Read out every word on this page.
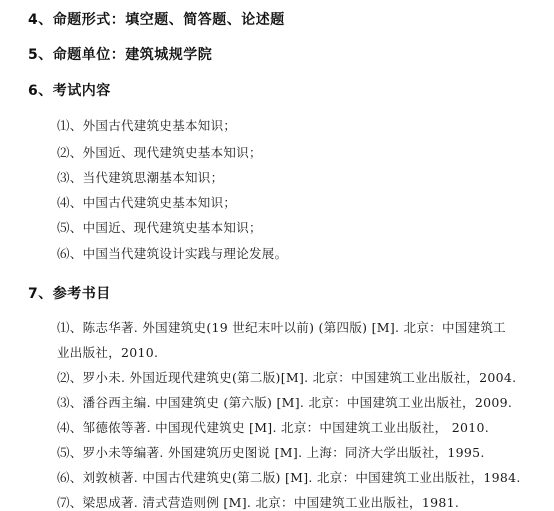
4、命题形式：填空题、简答题、论述题
5、命题单位：建筑城规学院
6、考试内容
⑴、外国古代建筑史基本知识；
⑵、外国近、现代建筑史基本知识；
⑶、当代建筑思潮基本知识；
⑷、中国古代建筑史基本知识；
⑸、中国近、现代建筑史基本知识；
⑹、中国当代建筑设计实践与理论发展。
7、参考书目
⑴、陈志华著. 外国建筑史(19 世纪末叶以前) (第四版) [M]. 北京：中国建筑工
业出版社，2010.
⑵、罗小未. 外国近现代建筑史(第二版)[M]. 北京：中国建筑工业出版社，2004.
⑶、潘谷西主编. 中国建筑史 (第六版) [M]. 北京：中国建筑工业出版社，2009.
⑷、邹德侬等著. 中国现代建筑史 [M]. 北京：中国建筑工业出版社， 2010.
⑸、罗小未等编著. 外国建筑历史图说 [M]. 上海：同济大学出版社，1995.
⑹、刘敦桢著. 中国古代建筑史(第二版) [M]. 北京：中国建筑工业出版社，1984.
⑺、梁思成著. 清式营造则例 [M]. 北京：中国建筑工业出版社，1981.
